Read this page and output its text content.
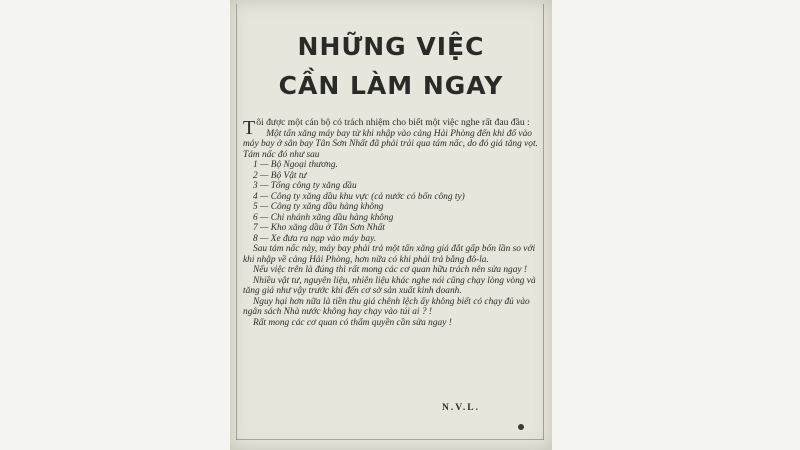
NHỮNG VIỆC
CẦN LÀM NGAY

Tôi được một cán bộ có trách nhiệm cho biết một việc nghe rất đau đầu :

Một tấn xăng máy bay từ khi nhập vào cảng Hải Phòng đến khi đổ vào máy bay ở sân bay Tân Sơn Nhất đã phải trải qua tám nấc, do đó giá tăng vọt. Tám nấc đó như sau

1 — Bộ Ngoại thương.
2 — Bộ Vật tư
3 — Tổng công ty xăng dầu
4 — Công ty xăng dầu khu vực (cả nước có bốn công ty)
5 — Công ty xăng dầu hàng không
6 — Chi nhánh xăng dầu hàng không
7 — Kho xăng dầu ở Tân Sơn Nhất
8 — Xe đưa ra nạp vào máy bay.

Sau tám nấc này, máy bay phải trả một tấn xăng giá đắt gấp bốn lần so với khi nhập về cảng Hải Phòng, hơn nữa có khi phải trả bằng đô-la.

Nếu việc trên là đúng thì rất mong các cơ quan hữu trách nên sửa ngay !

Nhiều vật tư, nguyên liệu, nhiên liệu khác nghe nói cũng chạy lòng vòng và tăng giá như vậy trước khi đến cơ sở sản xuất kinh doanh.

Nguy hại hơn nữa là tiền thu giá chênh lệch ấy không biết có chạy đủ vào ngân sách Nhà nước không hay chạy vào túi ai ? !

Rất mong các cơ quan có thẩm quyền cần sửa ngay !

N.V.L.
